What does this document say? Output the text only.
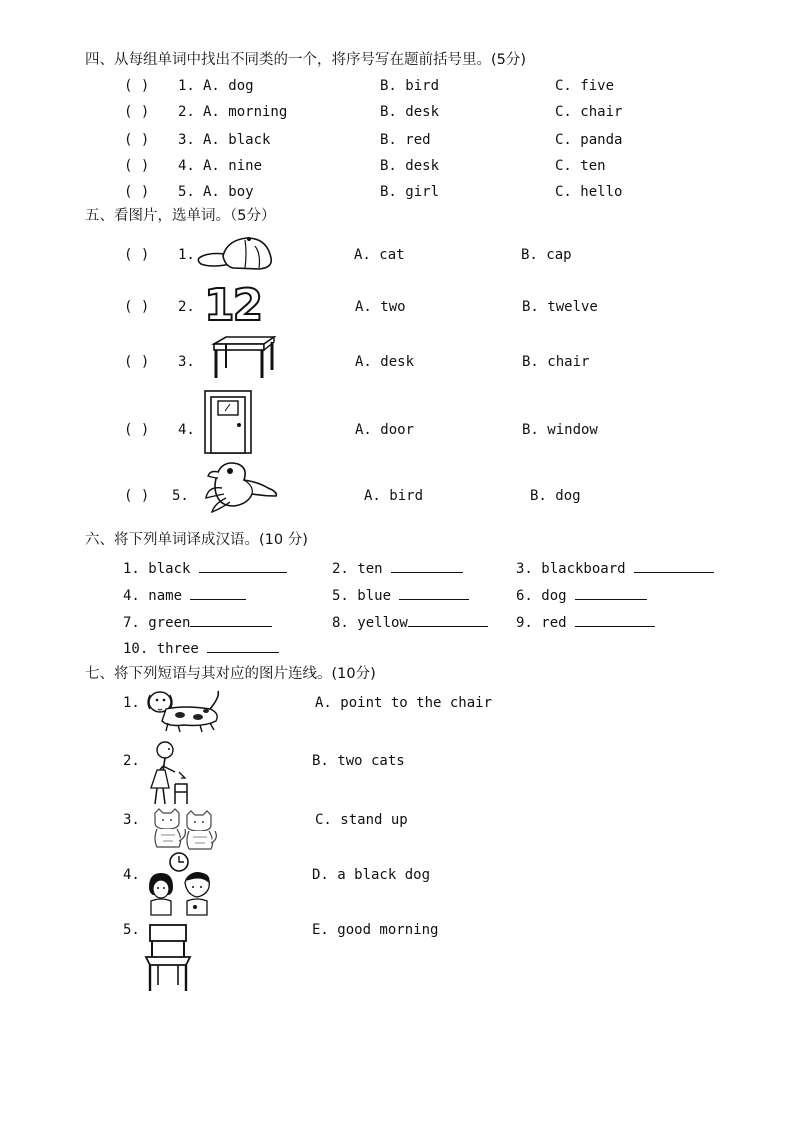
四、从每组单词中找出不同类的一个，将序号写在题前括号里。(5分)
( ) 1. A. dog	B. bird	C. five
( ) 2. A. morning	B. desk	C. chair
( ) 3. A. black	B. red	C. panda
( ) 4. A. nine	B. desk	C. ten
( ) 5. A. boy	B. girl	C. hello
五、看图片，选单词。（5分）
( ) 1.	A. cat	B. cap
( ) 2. 12	A. two	B. twelve
( ) 3.	A. desk	B. chair
( ) 4.	A. door	B. window
( ) 5.	A. bird	B. dog
六、将下列单词译成汉语。(10 分)
1. black	2. ten	3. blackboard
4. name	5. blue	6. dog
7. green	8. yellow	9. red
10. three
七、将下列短语与其对应的图片连线。(10分)
1.	A. point to the chair
2.	B. two cats
3.	C. stand up
4.	D. a black dog
5.	E. good morning
